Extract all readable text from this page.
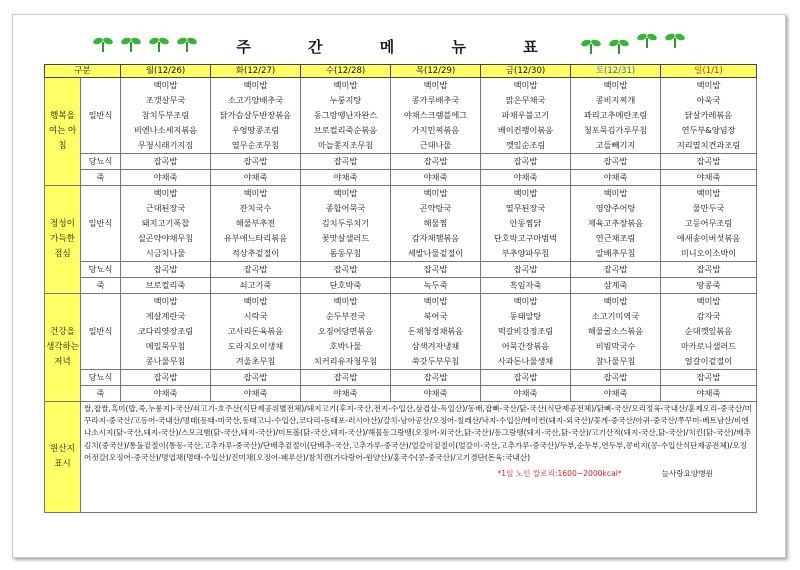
주 간 메 뉴 표
구분		월(12/26)	화(12/27)	수(12/28)	목(12/29)	금(12/30)	토(12/31)	일(1/1)
행복을 여는 아침	일반식	백미밥	백미밥	백미밥	백미밥	백미밥	백미밥	백미밥
		조갯살무국	소고기양배추국	누룽지탕	콩가루배추국	맑은무채국	콩비지찌개	아욱국
		참치두부조림	닭가슴살두반장볶음	동그랑땡난자완스	야채스크램블에그	파채우불고기	꽈리고추메란조림	닭살카레볶음
		비엔나소세지볶음	우엉땅콩조림	브로컬리죽순볶음	가지민찌볶음	베이컨팽이볶음	청포묵김가루무침	연두부&양념장
		무청시래기지짐	열무순조무침	마늘쫑지조무침	근대나물	깻잎순조림	고들빼기지	지리멸치견과조림
	당뇨식	잡곡밥	잡곡밥	잡곡밥	잡곡밥	잡곡밥	잡곡밥	잡곡밥
	죽	야채죽	야채죽	야채죽	야채죽	야채죽	야채죽	야채죽
정성이 가득한 점심	일반식	백미밥	백미밥	백미밥	백미밥	백미밥	백미밥	백미밥
		근대된장국	잔치국수	종합어묵국	곤약탕국	열무된장국	영양주어탕	물만두국
		돼지고기폭찹	해물부추전	김치두루치기	해물찜	안동찜닭	제육고추장볶음	고등어무조림
		실곤약야채무침	유부애느타리볶음	꽃맛살샐러드	감자채햄볶음	단호박고구마범벅	연근채조림	애새송이버섯볶음
		시금치나물	적상추겉절이	돔동무침	세발나물겉절이	부추양파무침	알배추무침	미니오이소박이
	당뇨식	잡곡밥	잡곡밥	잡곡밥	잡곡밥	잡곡밥	잡곡밥	잡곡밥
	죽	브로컬리죽	쇠고기죽	단호박죽	녹두죽	흑임자죽	삼계죽	땅콩죽
건강을 생각하는 저녁	일반식	백미밥	백미밥	백미밥	백미밥	백미밥	백미밥	백미밥
		게살계란국	시락국	순두부전국	북어국	동태알탕	소고기미역국	감자국
		코다리엿장조림	고사리돈육볶음	오징어당면볶음	돈채청경채볶음	떡갈비강정조림	해물굴소스볶음	순대깻잎볶음
		메밀묵무침	도라지오이생채	호박나물	삼색겨자냉채	어묵간장볶음	비빔막국수	마카로니샐러드
		콩나물무침	겨울초무침	치커리유자청무침	쑥갓두부무침	사과돈나물생채	참나물무침	얼갈이겉절이
	당뇨식	잡곡밥	잡곡밥	잡곡밥	잡곡밥	잡곡밥	잡곡밥	잡곡밥
	죽	야채죽	야채죽	야채죽	야채죽	야채죽	야채죽	야채죽
원산지 표시	쌀,찹쌀,흑미(밥,죽,누룽지)-국산/쇠고기-호주산(식단제공위별전체)/돼지고기(후지-국산,전지-수입산,삼겹살-독일산)/동배,잡뼈-국산/닭-국산(식단제공전체)/닭뼈-국산/오리정육-국내산/훈제오리-중국산/미꾸라지-중국산/고등어-국내산/명태(동태-미국산,동태고니-수입산,코다리-동태포-러시아산)/갈치-남아공산/오징어-칠레산/낙지-수입산/베이컨(돼지-외국산)/꽃게-중국산/아귀-중국산/쭈꾸미-베트남산/비엔나소시지(닭-국산,돼지-국산)/스모크햄(닭-국산,돼지-국산)/미트볼(닭-국산,돼지-국산)/해물동그랑땡(오징어-외국산,닭-국산)/동그랑땡(돼지-국산,닭-국산)/고기산적(돼지-국산,닭-국산)/치킨(닭-국산)/배추김치(중국산)/통돌겉절이(통동-국산,고추가루-중국산)/단배추겉절이(단배추-국산,고추가루-중국산)/얼갈이겉절이(얼갈이-국산,고추가루-중국산)/두부,순두부,연두부,콩비지(콩-수입산식단제공전체)/오징어젓갈(오징어-중국산)/명엽채(명태-수입산)/진미채(오징어-페루산)/참치캔(가다랑어-원양산)/홍국수(콩-중국산)/고기경단(돈육:국내산)
*1일 노인 칼로리:1600~2000kcal* 늘사랑요양병원							
